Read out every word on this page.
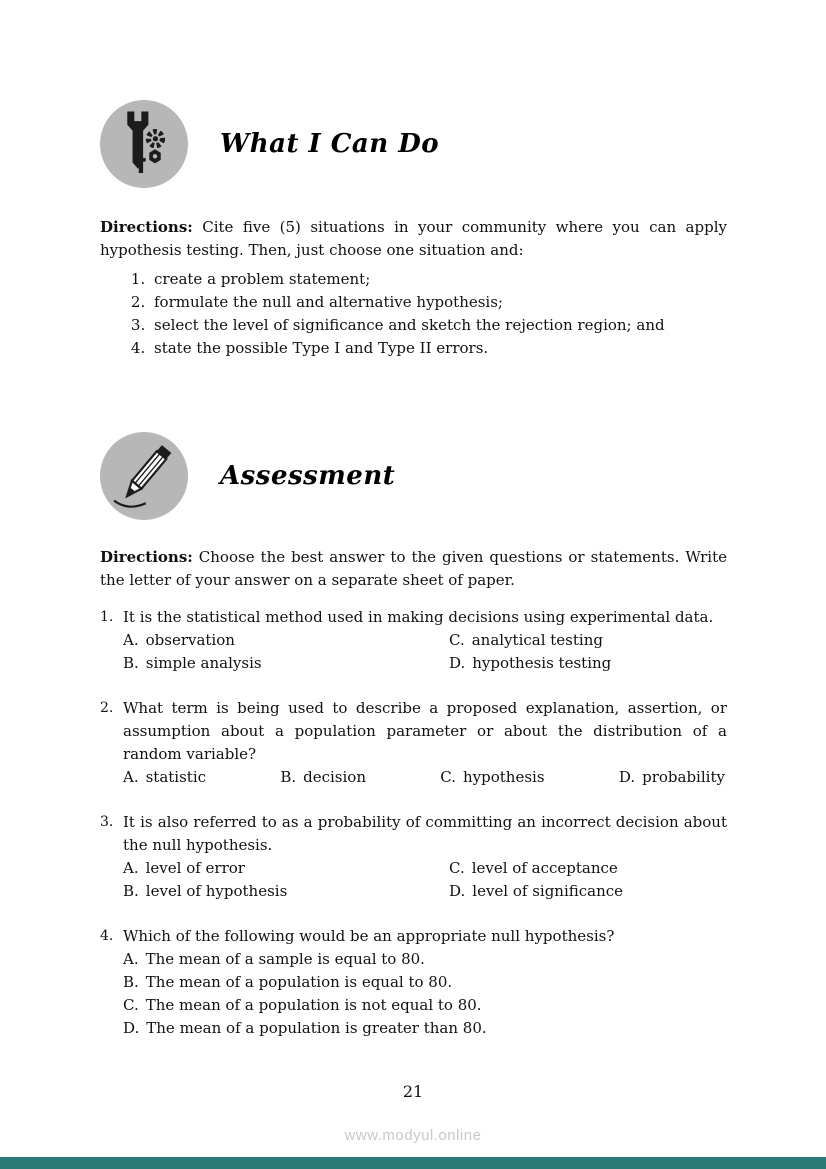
What I Can Do

Directions: Cite five (5) situations in your community where you can apply hypothesis testing. Then, just choose one situation and:

1. create a problem statement;
2. formulate the null and alternative hypothesis;
3. select the level of significance and sketch the rejection region; and
4. state the possible Type I and Type II errors.
Assessment

Directions: Choose the best answer to the given questions or statements. Write the letter of your answer on a separate sheet of paper.

1. It is the statistical method used in making decisions using experimental data.
A. observation	C. analytical testing
B. simple analysis	D. hypothesis testing
2. What term is being used to describe a proposed explanation, assertion, or assumption about a population parameter or about the distribution of a random variable?
A. statistic	B. decision	C. hypothesis	D. probability
3. It is also referred to as a probability of committing an incorrect decision about the null hypothesis.
A. level of error	C. level of acceptance
B. level of hypothesis	D. level of significance
4. Which of the following would be an appropriate null hypothesis?
A. The mean of a sample is equal to 80.
B. The mean of a population is equal to 80.
C. The mean of a population is not equal to 80.
D. The mean of a population is greater than 80.
21
www.modyul.online
